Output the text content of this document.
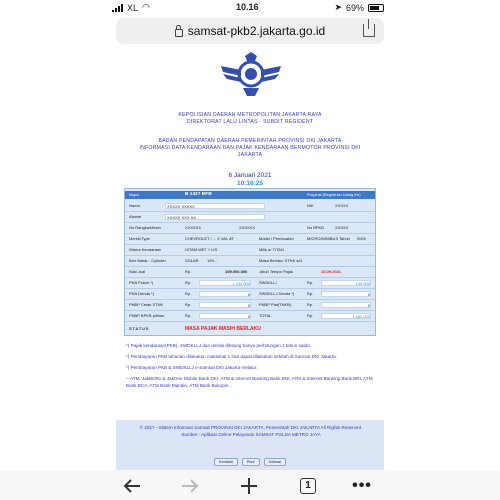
XL ◠	10.16	➤ 69%
samsat-pkb2.jakarta.go.id
KEPOLISIAN DAERAH METROPOLITAN JAKARTA RAYA
DIREKTORAT LALU LINTAS - SUBDIT REGIDENT
BADAN PENDAPATAN DAERAH PEMERINTAH PROVINSI DKI JAKARTA
INFORMASI DATA KENDARAAN DAN PAJAK KENDARAAN BERMOTOR PROVINSI DKI
JAKARTA
6 Januari 2021
10:16:25
Nopol	B 1427 BFB	Propinsi (Registrasi Ulang Ke)
Nama	XXXXX XXXXX	NIK	XXXXX
Alamat	XXXXX XXX XX
No Rangka/Mesin	XXXXXX	XXXXXX	No BPKB	XXXXX
Merek/Type	CHEVROLET / ... X VAL AT	Model / Pembuatan	MICRO/MINIBUS Tahun 2009
Warna Kendaraan	HITAM MET + LIS	Milik a/ TITAN
Bhn Bakar - Cylinder	SOLAR 199...	Masa Berlaku STNK s/d
Nilai Jual	Rp.	109.000.000	Jatuh Tempo Pajak	10.09.2021
PKB Pokok *)	Rp.	1.334.000 SWDKLLJ	Rp.	143.000
PKB Denda *)	Rp.	0 SWDKLLJ Denda *)	Rp.	0
PNBP Cetak STNK	Rp.	0 PNBP Plat(TNKB)	Rp.	0
PNBP BPKB pilihan	Rp.	0 TOTAL	Rp.	1.482.000
STATUS	MASA PAJAK MASIH BERLAKU

*) Pajak kendaraan(PKB), SWDKLLJ dan denda dihitung hanya perhitungan 1 tahun saldo.

*) Pembayaran PKB tahunan dilakukan maksimal 1 hari dapat dilakukan setelah di Samsat DKI Jakarta.

*) Pembayaran PKB & SWDKLLJ e-Samsat DKI Jakarta melalui:

-- ATM, JakBDRx & JakOne Mobile Bank DKI, ATM & Internet Banking Bank BNI, ATM & Internet Banking Bank BRI, ATM Bank BCA, ATM Bank Mandiri, ATM Bank Bukopin...

© 2017 - Sistem Informasi Samsat PROVINSI DKI JAKARTA, Pemerintah DKI JAKARTA All Rights Reserved.
Sumber : Aplikasi Online Pelayanan SAMSAT POLDA METRO JAYA
Kembali	Print	Selesai
1	•••
